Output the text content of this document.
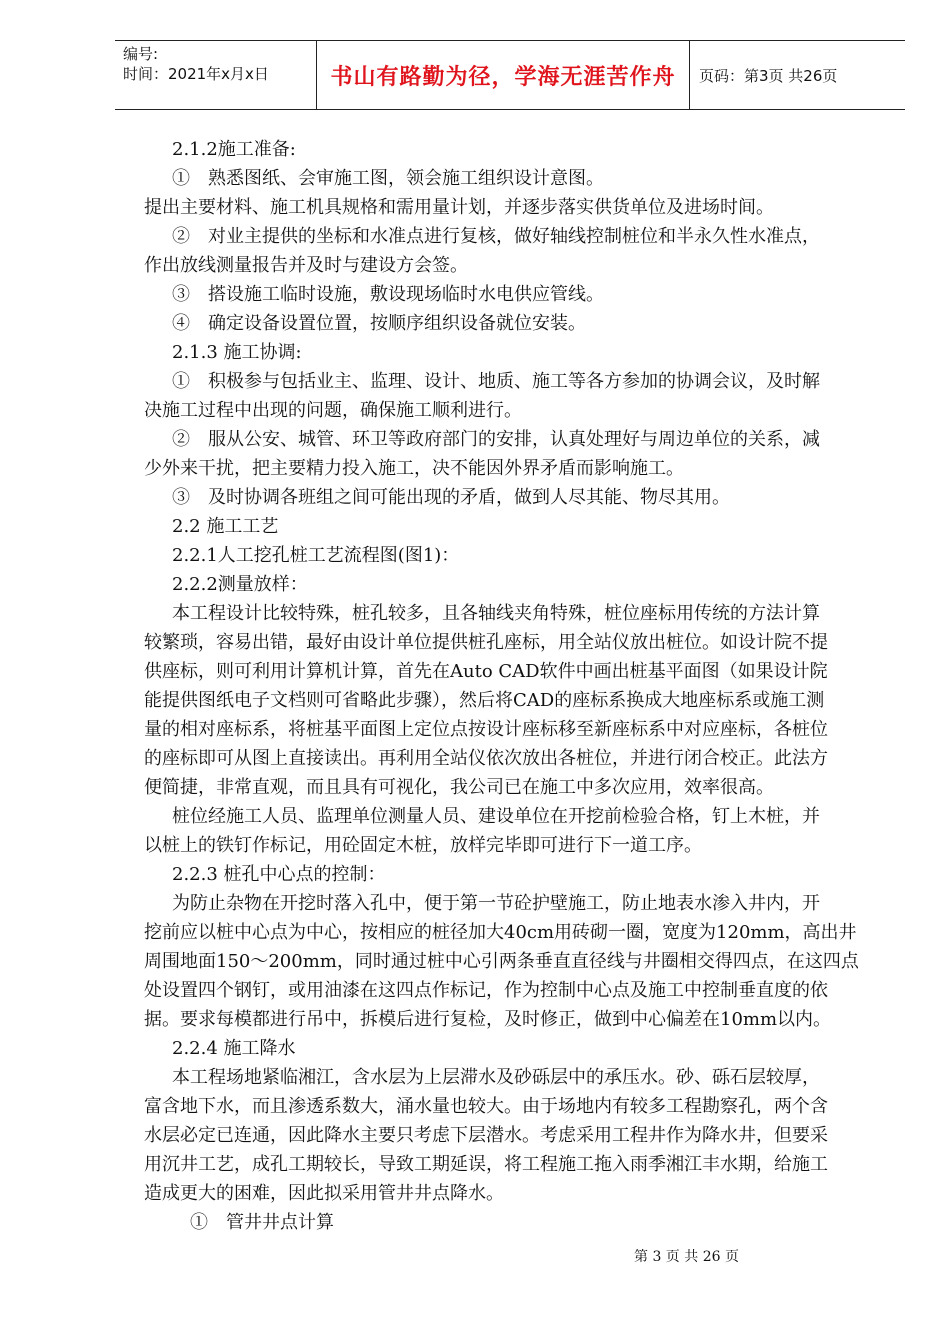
编号:
时间：2021年x月x日	书山有路勤为径，学海无涯苦作舟	页码：第3页 共26页
2.1.2施工准备:
①　熟悉图纸、会审施工图，领会施工组织设计意图。
提出主要材料、施工机具规格和需用量计划，并逐步落实供货单位及进场时间。
②　对业主提供的坐标和水准点进行复核，做好轴线控制桩位和半永久性水准点，
作出放线测量报告并及时与建设方会签。
③　搭设施工临时设施，敷设现场临时水电供应管线。
④　确定设备设置位置，按顺序组织设备就位安装。
2.1.3 施工协调:
①　积极参与包括业主、监理、设计、地质、施工等各方参加的协调会议，及时解
决施工过程中出现的问题，确保施工顺利进行。
②　服从公安、城管、环卫等政府部门的安排，认真处理好与周边单位的关系，减
少外来干扰，把主要精力投入施工，决不能因外界矛盾而影响施工。
③　及时协调各班组之间可能出现的矛盾，做到人尽其能、物尽其用。
2.2 施工工艺
2.2.1人工挖孔桩工艺流程图(图1)：
2.2.2测量放样：
本工程设计比较特殊，桩孔较多，且各轴线夹角特殊，桩位座标用传统的方法计算
较繁琐，容易出错，最好由设计单位提供桩孔座标，用全站仪放出桩位。如设计院不提
供座标，则可利用计算机计算，首先在Auto CAD软件中画出桩基平面图（如果设计院
能提供图纸电子文档则可省略此步骤），然后将CAD的座标系换成大地座标系或施工测
量的相对座标系，将桩基平面图上定位点按设计座标移至新座标系中对应座标，各桩位
的座标即可从图上直接读出。再利用全站仪依次放出各桩位，并进行闭合校正。此法方
便简捷，非常直观，而且具有可视化，我公司已在施工中多次应用，效率很高。
桩位经施工人员、监理单位测量人员、建设单位在开挖前检验合格，钉上木桩，并
以桩上的铁钉作标记，用砼固定木桩，放样完毕即可进行下一道工序。
2.2.3 桩孔中心点的控制：
为防止杂物在开挖时落入孔中，便于第一节砼护壁施工，防止地表水渗入井内，开
挖前应以桩中心点为中心，按相应的桩径加大40cm用砖砌一圈，宽度为120mm，高出井
周围地面150～200mm，同时通过桩中心引两条垂直直径线与井圈相交得四点，在这四点
处设置四个钢钉，或用油漆在这四点作标记，作为控制中心点及施工中控制垂直度的依
据。要求每模都进行吊中，拆模后进行复检，及时修正，做到中心偏差在10mm以内。
2.2.4 施工降水
本工程场地紧临湘江，含水层为上层滞水及砂砾层中的承压水。砂、砾石层较厚，
富含地下水，而且渗透系数大，涌水量也较大。由于场地内有较多工程勘察孔，两个含
水层必定已连通，因此降水主要只考虑下层潜水。考虑采用工程井作为降水井，但要采
用沉井工艺，成孔工期较长，导致工期延误，将工程施工拖入雨季湘江丰水期，给施工
造成更大的困难，因此拟采用管井井点降水。
①　管井井点计算
第 3 页 共 26 页
